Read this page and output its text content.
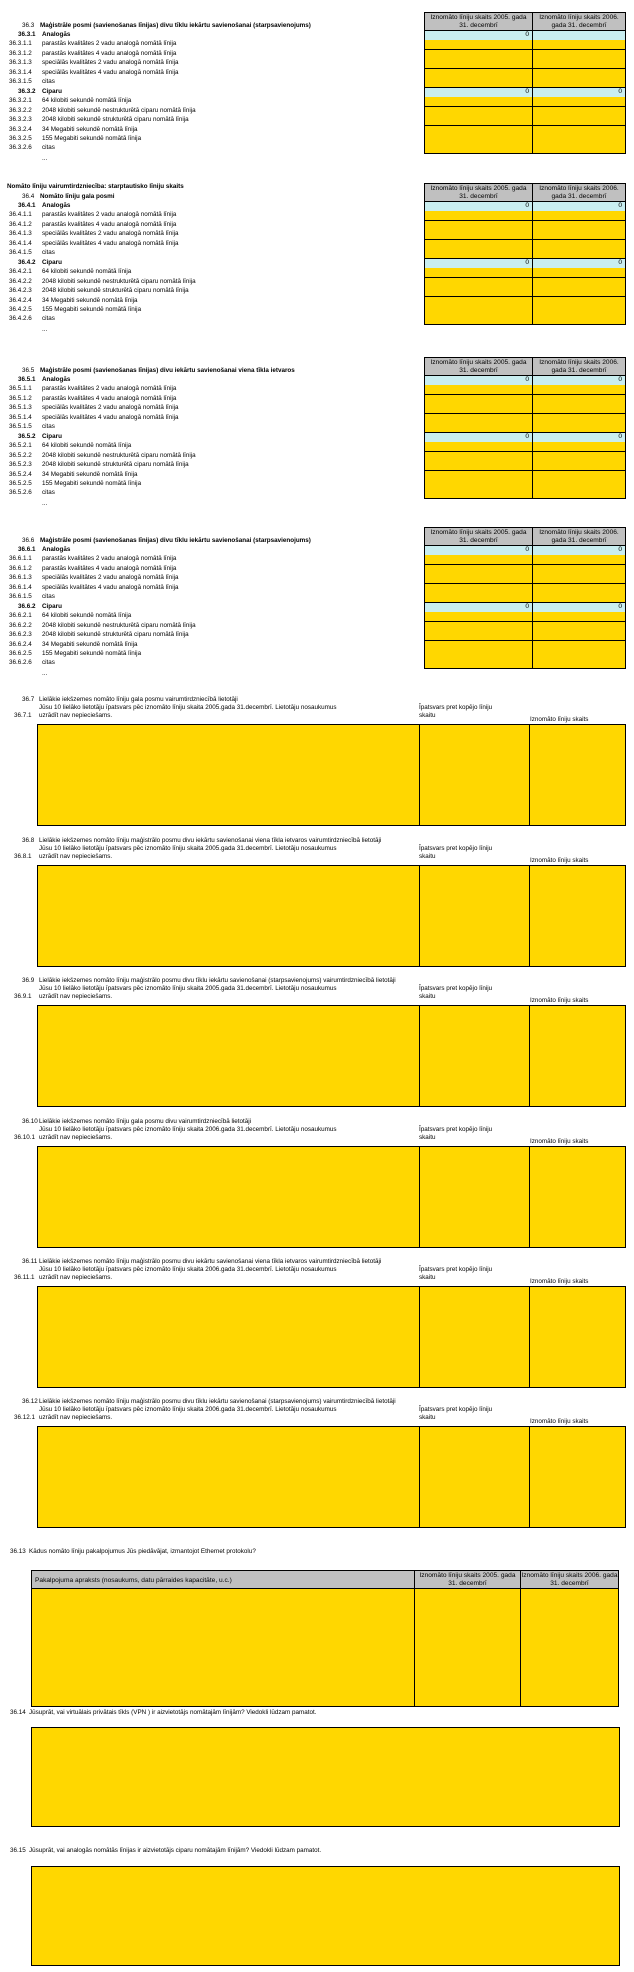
36.3 Maģistrāle posmi (savienošanas līnijas) divu tīklu iekārtu savienošanai (starpsavienojums)
Iznomāto līniju skaits 2005. gada 31. decembrī
Iznomāto līniju skaits 2006. gada 31. decembrī
36.3.1 Analogās	0
36.3.1.1 parastās kvalitātes 2 vadu analogā nomātā līnija
36.3.1.2 parastās kvalitātes 4 vadu analogā nomātā līnija
36.3.1.3 speciālās kvalitātes 2 vadu analogā nomātā līnija
36.3.1.4 speciālās kvalitātes 4 vadu analogā nomātā līnija
36.3.1.5 citas
36.3.2 Ciparu	0	0
36.3.2.1 64 kilobiti sekundē nomātā līnija
36.3.2.2 2048 kilobiti sekundē nestrukturētā ciparu nomātā līnija
36.3.2.3 2048 kilobiti sekundē strukturētā ciparu nomātā līnija
36.3.2.4 34 Megabiti sekundē nomātā līnija
36.3.2.5 155 Megabiti sekundē nomātā līnija
36.3.2.6 citas
...
Nomāto līniju vairumtirdzniecība: starptautisko līniju skaits
36.4 Nomāto līniju gala posmi
Iznomāto līniju skaits 2005. gada 31. decembrī
Iznomāto līniju skaits 2006. gada 31. decembrī
36.4.1 Analogās	0	0
36.4.1.1 parastās kvalitātes 2 vadu analogā nomātā līnija
36.4.1.2 parastās kvalitātes 4 vadu analogā nomātā līnija
36.4.1.3 speciālās kvalitātes 2 vadu analogā nomātā līnija
36.4.1.4 speciālās kvalitātes 4 vadu analogā nomātā līnija
36.4.1.5 citas
36.4.2 Ciparu	0	0
36.4.2.1 64 kilobiti sekundē nomātā līnija
36.4.2.2 2048 kilobiti sekundē nestrukturētā ciparu nomātā līnija
36.4.2.3 2048 kilobiti sekundē strukturētā ciparu nomātā līnija
36.4.2.4 34 Megabiti sekundē nomātā līnija
36.4.2.5 155 Megabiti sekundē nomātā līnija
36.4.2.6 citas
...
36.5 Maģistrāle posmi (savienošanas līnijas) divu iekārtu savienošanai viena tīkla ietvaros
Iznomāto līniju skaits 2005. gada 31. decembrī
Iznomāto līniju skaits 2006. gada 31. decembrī
36.5.1 Analogās	0	0
36.5.1.1 parastās kvalitātes 2 vadu analogā nomātā līnija
36.5.1.2 parastās kvalitātes 4 vadu analogā nomātā līnija
36.5.1.3 speciālās kvalitātes 2 vadu analogā nomātā līnija
36.5.1.4 speciālās kvalitātes 4 vadu analogā nomātā līnija
36.5.1.5 citas
36.5.2 Ciparu	0	0
36.5.2.1 64 kilobiti sekundē nomātā līnija
36.5.2.2 2048 kilobiti sekundē nestrukturētā ciparu nomātā līnija
36.5.2.3 2048 kilobiti sekundē strukturētā ciparu nomātā līnija
36.5.2.4 34 Megabiti sekundē nomātā līnija
36.5.2.5 155 Megabiti sekundē nomātā līnija
36.5.2.6 citas
...
36.6 Maģistrāle posmi (savienošanas līnijas) divu tīklu iekārtu savienošanai (starpsavienojums)
Iznomāto līniju skaits 2005. gada 31. decembrī
Iznomāto līniju skaits 2006. gada 31. decembrī
36.6.1 Analogās	0	0
36.6.1.1 parastās kvalitātes 2 vadu analogā nomātā līnija
36.6.1.2 parastās kvalitātes 4 vadu analogā nomātā līnija
36.6.1.3 speciālās kvalitātes 2 vadu analogā nomātā līnija
36.6.1.4 speciālās kvalitātes 4 vadu analogā nomātā līnija
36.6.1.5 citas
36.6.2 Ciparu	0	0
36.6.2.1 64 kilobiti sekundē nomātā līnija
36.6.2.2 2048 kilobiti sekundē nestrukturētā ciparu nomātā līnija
36.6.2.3 2048 kilobiti sekundē strukturētā ciparu nomātā līnija
36.6.2.4 34 Megabiti sekundē nomātā līnija
36.6.2.5 155 Megabiti sekundē nomātā līnija
36.6.2.6 citas
...
36.7 Lielākie iekšzemes nomāto līniju gala posmu vairumtirdzniecībā lietotāji
Jūsu 10 lielāko lietotāju īpatsvars pēc iznomāto līniju skaita 2005.gada 31.decembrī. Lietotāju nosaukumus
uzrādīt nav nepieciešams.
36.7.1
Īpatsvars pret kopējo līniju skaitu
Iznomāto līniju skaits
36.8 Lielākie iekšzemes nomāto līniju maģistrālo posmu divu iekārtu savienošanai viena tīkla ietvaros vairumtirdzniecībā lietotāji
Jūsu 10 lielāko lietotāju īpatsvars pēc iznomāto līniju skaita 2005.gada 31.decembrī. Lietotāju nosaukumus
uzrādīt nav nepieciešams.
36.8.1
Īpatsvars pret kopējo līniju skaitu
Iznomāto līniju skaits
36.9 Lielākie iekšzemes nomāto līniju maģistrālo posmu divu tīklu iekārtu savienošanai (starpsavienojums) vairumtirdzniecībā lietotāji
Jūsu 10 lielāko lietotāju īpatsvars pēc iznomāto līniju skaita 2005.gada 31.decembrī. Lietotāju nosaukumus
uzrādīt nav nepieciešams.
36.9.1
Īpatsvars pret kopējo līniju skaitu
Iznomāto līniju skaits
36.10 Lielākie iekšzemes nomāto līniju gala posmu divu vairumtirdzniecībā lietotāji
Jūsu 10 lielāko lietotāju īpatsvars pēc iznomāto līniju skaita 2006.gada 31.decembrī. Lietotāju nosaukumus
uzrādīt nav nepieciešams.
36.10.1
Īpatsvars pret kopējo līniju skaitu
Iznomāto līniju skaits
36.11 Lielākie iekšzemes nomāto līniju maģistrālo posmu divu iekārtu savienošanai viena tīkla ietvaros vairumtirdzniecībā lietotāji
Jūsu 10 lielāko lietotāju īpatsvars pēc iznomāto līniju skaita 2006.gada 31.decembrī. Lietotāju nosaukumus
uzrādīt nav nepieciešams.
36.11.1
Īpatsvars pret kopējo līniju skaitu
Iznomāto līniju skaits
36.12 Lielākie iekšzemes nomāto līniju maģistrālo posmu divu tīklu iekārtu savienošanai (starpsavienojums) vairumtirdzniecībā lietotāji
Jūsu 10 lielāko lietotāju īpatsvars pēc iznomāto līniju skaita 2006.gada 31.decembrī. Lietotāju nosaukumus
uzrādīt nav nepieciešams.
36.12.1
Īpatsvars pret kopējo līniju skaitu
Iznomāto līniju skaits
36.13 Kādus nomāto līniju pakalpojumus Jūs piedāvājat, izmantojot Ethernet protokolu?
Pakalpojuma apraksts (nosaukums, datu pārraides kapacitāte, u.c.)
Iznomāto līniju skaits 2005. gada 31. decembrī
Iznomāto līniju skaits 2006. gada 31. decembrī
36.14 Jūsuprāt, vai virtuālais privātais tīkls (VPN ) ir aizvietotājs nomātajām līnijām? Viedokli lūdzam pamatot.
36.15 Jūsuprāt, vai analogās nomātās līnijas ir aizvietotājs ciparu nomātajām līnijām? Viedokli lūdzam pamatot.
